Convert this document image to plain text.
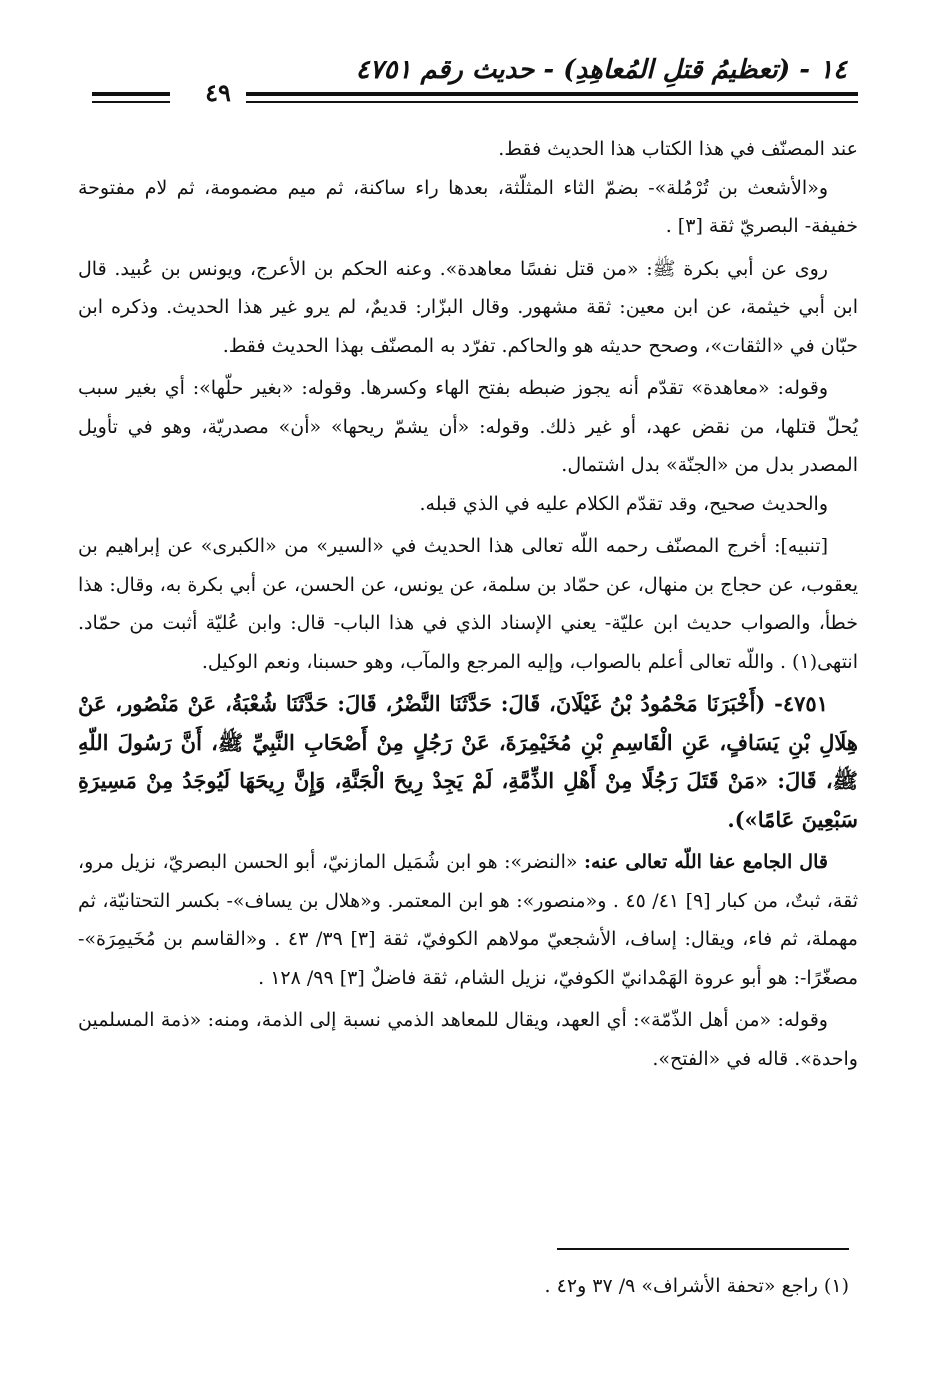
١٤ - (تعظيمُ قتلِ المُعاهِدِ) - حديث رقم ٤٧٥١
٤٩

عند المصنّف في هذا الكتاب هذا الحديث فقط.

و«الأشعث بن تُرْمُلة»- بضمّ الثاء المثلّثة، بعدها راء ساكنة، ثم ميم مضمومة، ثم لام مفتوحة خفيفة- البصريّ ثقة [٣] .

روى عن أبي بكرة ﷺ: «من قتل نفسًا معاهدة». وعنه الحكم بن الأعرج، ويونس بن عُبيد. قال ابن أبي خيثمة، عن ابن معين: ثقة مشهور. وقال البزّار: قديمٌ، لم يرو غير هذا الحديث. وذكره ابن حبّان في «الثقات»، وصحح حديثه هو والحاكم. تفرّد به المصنّف بهذا الحديث فقط.

وقوله: «معاهدة» تقدّم أنه يجوز ضبطه بفتح الهاء وكسرها. وقوله: «بغير حلّها»: أي بغير سبب يُحلّ قتلها، من نقض عهد، أو غير ذلك. وقوله: «أن يشمّ ريحها» «أن» مصدريّة، وهو في تأويل المصدر بدل من «الجنّة» بدل اشتمال.

والحديث صحيح، وقد تقدّم الكلام عليه في الذي قبله.

[تنبيه]: أخرج المصنّف رحمه اللّه تعالى هذا الحديث في «السير» من «الكبرى» عن إبراهيم بن يعقوب، عن حجاج بن منهال، عن حمّاد بن سلمة، عن يونس، عن الحسن، عن أبي بكرة به، وقال: هذا خطأ، والصواب حديث ابن عليّة- يعني الإسناد الذي في هذا الباب- قال: وابن عُليّة أثبت من حمّاد. انتهى(١) . واللّه تعالى أعلم بالصواب، وإليه المرجع والمآب، وهو حسبنا، ونعم الوكيل.

٤٧٥١- (أَخْبَرَنَا مَحْمُودُ بْنُ غَيْلَانَ، قَالَ: حَدَّثَنَا النَّضْرُ، قَالَ: حَدَّثَنَا شُعْبَةُ، عَنْ مَنْصُور، عَنْ هِلَالِ بْنِ يَسَافٍ، عَنِ الْقَاسِمِ بْنِ مُخَيْمِرَةَ، عَنْ رَجُلٍ مِنْ أَصْحَابِ النَّبِيِّ ﷺ، أَنَّ رَسُولَ اللّهِ ﷺ، قَالَ: «مَنْ قَتَلَ رَجُلًا مِنْ أَهْلِ الذِّمَّةِ، لَمْ يَجِدْ رِيحَ الْجَنَّةِ، وَإِنَّ رِيحَهَا لَيُوجَدُ مِنْ مَسِيرَةِ سَبْعِينَ عَامًا»).

قال الجامع عفا اللّه تعالى عنه: «النضر»: هو ابن شُمَيل المازنيّ، أبو الحسن البصريّ، نزيل مرو، ثقة، ثبتٌ، من كبار [٩] ٤١/ ٤٥ . و«منصور»: هو ابن المعتمر. و«هلال بن يساف»- بكسر التحتانيّة، ثم مهملة، ثم فاء، ويقال: إساف، الأشجعيّ مولاهم الكوفيّ، ثقة [٣] ٣٩/ ٤٣ . و«القاسم بن مُخَيمِرَة»- مصغّرًا-: هو أبو عروة الهَمْدانيّ الكوفيّ، نزيل الشام، ثقة فاضلٌ [٣] ٩٩/ ١٢٨ .

وقوله: «من أهل الذّمّة»: أي العهد، ويقال للمعاهد الذمي نسبة إلى الذمة، ومنه: «ذمة المسلمين واحدة». قاله في «الفتح».

(١) راجع «تحفة الأشراف» ٩/ ٣٧ و٤٢ .
